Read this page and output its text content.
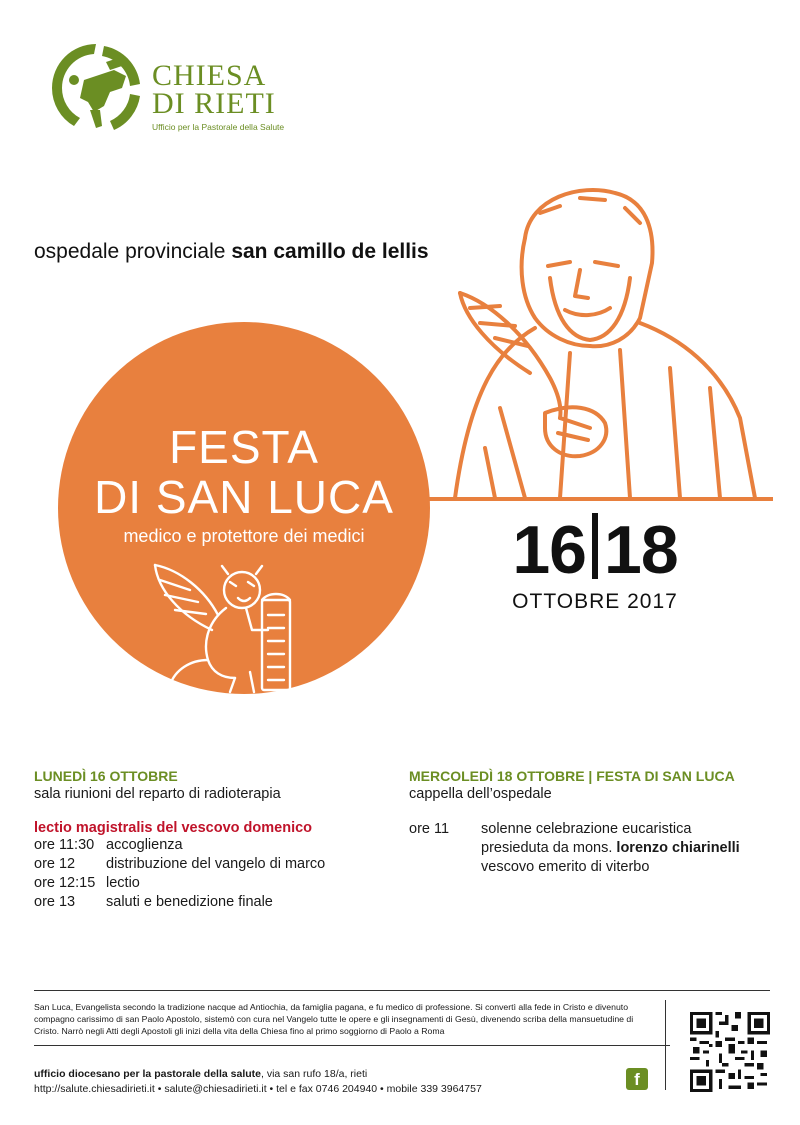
CHIESA
DI RIETI
Ufficio per la Pastorale della Salute
ospedale provinciale san camillo de lellis
FESTA
DI SAN LUCA
medico e protettore dei medici	16 18
OTTOBRE 2017
LUNEDÌ 16 OTTOBRE
sala riunioni del reparto di radioterapia
lectio magistralis del vescovo domenico
ore 11:30 accoglienza
ore 12	distribuzione del vangelo di marco
ore 12:15 lectio
ore 13	saluti e benedizione finale
MERCOLEDÌ 18 OTTOBRE | FESTA DI SAN LUCA
cappella dell’ospedale
ore 11	solenne celebrazione eucaristica
presieduta da mons. lorenzo chiarinelli
vescovo emerito di viterbo
San Luca, Evangelista secondo la tradizione nacque ad Antiochia, da famiglia pagana, e fu medico di professione. Si convertì alla fede in Cristo e divenuto compagno carissimo di san Paolo Apostolo, sistemò con cura nel Vangelo tutte le opere e gli insegnamenti di Gesù, divenendo scriba della mansuetudine di Cristo. Narrò negli Atti degli Apostoli gli inizi della vita della Chiesa fino al primo soggiorno di Paolo a Roma
ufficio diocesano per la pastorale della salute, via san rufo 18/a, rieti
http://salute.chiesadirieti.it • salute@chiesadirieti.it • tel e fax 0746 204940 • mobile 339 3964757	f
